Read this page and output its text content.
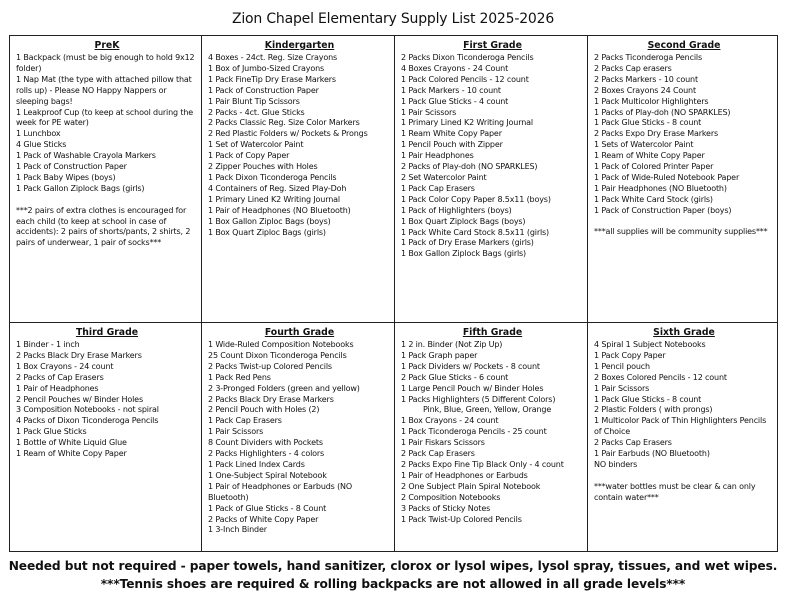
Zion Chapel Elementary Supply List 2025-2026
PreK
1 Backpack (must be big enough to hold 9x12 folder)
1 Nap Mat (the type with attached pillow that rolls up) - Please NO Happy Nappers or sleeping bags!
1 Leakproof Cup (to keep at school during the week for PE water)
1 Lunchbox
4 Glue Sticks
1 Pack of Washable Crayola Markers
1 Pack of Construction Paper
1 Pack Baby Wipes (boys)
1 Pack Gallon Ziplock Bags (girls)
***2 pairs of extra clothes is encouraged for each child (to keep at school in case of accidents): 2 pairs of shorts/pants, 2 shirts, 2 pairs of underwear, 1 pair of socks***
Kindergarten
4 Boxes - 24ct. Reg. Size Crayons
1 Box of Jumbo-Sized Crayons
1 Pack FineTip Dry Erase Markers
1 Pack of Construction Paper
1 Pair Blunt Tip Scissors
2 Packs - 4ct. Glue Sticks
2 Packs Classic Reg. Size Color Markers
2 Red Plastic Folders w/ Pockets & Prongs
1 Set of Watercolor Paint
1 Pack of Copy Paper
2 Zipper Pouches with Holes
1 Pack Dixon Ticonderoga Pencils
4 Containers of Reg. Sized Play-Doh
1 Primary Lined K2 Writing Journal
1 Pair of Headphones (NO Bluetooth)
1 Box Gallon Ziploc Bags (boys)
1 Box Quart Ziploc Bags (girls)
First Grade
2 Packs Dixon Ticonderoga Pencils
4 Boxes Crayons - 24 Count
1 Pack Colored Pencils - 12 count
1 Pack Markers - 10 count
1 Pack Glue Sticks - 4 count
1 Pair Scissors
1 Primary Lined K2 Writing Journal
1 Ream White Copy Paper
1 Pencil Pouch with Zipper
1 Pair Headphones
2 Packs of Play-doh (NO SPARKLES)
2 Set Watercolor Paint
1 Pack Cap Erasers
1 Pack Color Copy Paper 8.5x11 (boys)
1 Pack of Highlighters (boys)
1 Box Quart Ziplock Bags (boys)
1 Pack White Card Stock 8.5x11 (girls)
1 Pack of Dry Erase Markers (girls)
1 Box Gallon Ziplock Bags (girls)
Second Grade
2 Packs Ticonderoga Pencils
2 Packs Cap erasers
2 Packs Markers - 10 count
2 Boxes Crayons 24 Count
1 Pack Multicolor Highlighters
1 Packs of Play-doh (NO SPARKLES)
1 Pack Glue Sticks - 8 count
2 Packs Expo Dry Erase Markers
1 Sets of Watercolor Paint
1 Ream of White Copy Paper
1 Pack of Colored Printer Paper
1 Pack of Wide-Ruled Notebook Paper
1 Pair Headphones (NO Bluetooth)
1 Pack White Card Stock (girls)
1 Pack of Construction Paper (boys)
***all supplies will be community supplies***
Third Grade
1 Binder - 1 inch
2 Packs Black Dry Erase Markers
1 Box Crayons - 24 count
2 Packs of Cap Erasers
1 Pair of Headphones
2 Pencil Pouches w/ Binder Holes
3 Composition Notebooks - not spiral
4 Packs of Dixon Ticonderoga Pencils
1 Pack Glue Sticks
1 Bottle of White Liquid Glue
1 Ream of White Copy Paper
Fourth Grade
1 Wide-Ruled Composition Notebooks
25 Count Dixon Ticonderoga Pencils
2 Packs Twist-up Colored Pencils
1 Pack Red Pens
2 3-Pronged Folders (green and yellow)
2 Packs Black Dry Erase Markers
2 Pencil Pouch with Holes (2)
1 Pack Cap Erasers
1 Pair Scissors
8 Count Dividers with Pockets
2 Packs Highlighters - 4 colors
1 Pack Lined Index Cards
1 One-Subject Spiral Notebook
1 Pair of Headphones or Earbuds (NO Bluetooth)
1 Pack of Glue Sticks - 8 Count
2 Packs of White Copy Paper
1 3-Inch Binder
Fifth Grade
1 2 in. Binder (Not Zip Up)
1 Pack Graph paper
1 Pack Dividers w/ Pockets - 8 count
2 Pack Glue Sticks - 6 count
1 Large Pencil Pouch w/ Binder Holes
1 Packs Highlighters (5 Different Colors)
Pink, Blue, Green, Yellow, Orange
1 Box Crayons - 24 count
1 Pack Ticonderoga Pencils - 25 count
1 Pair Fiskars Scissors
2 Pack Cap Erasers
2 Packs Expo Fine Tip Black Only - 4 count
1 Pair of Headphones or Earbuds
2 One Subject Plain Spiral Notebook
2 Composition Notebooks
3 Packs of Sticky Notes
1 Pack Twist-Up Colored Pencils
Sixth Grade
4 Spiral 1 Subject Notebooks
1 Pack Copy Paper
1 Pencil pouch
2 Boxes Colored Pencils - 12 count
1 Pair Scissors
1 Pack Glue Sticks - 8 count
2 Plastic Folders ( with prongs)
1 Multicolor Pack of Thin Highlighters Pencils of Choice
2 Packs Cap Erasers
1 Pair Earbuds (NO Bluetooth)
NO binders
***water bottles must be clear & can only contain water***
Needed but not required - paper towels, hand sanitizer, clorox or lysol wipes, lysol spray, tissues, and wet wipes.
***Tennis shoes are required & rolling backpacks are not allowed in all grade levels***
